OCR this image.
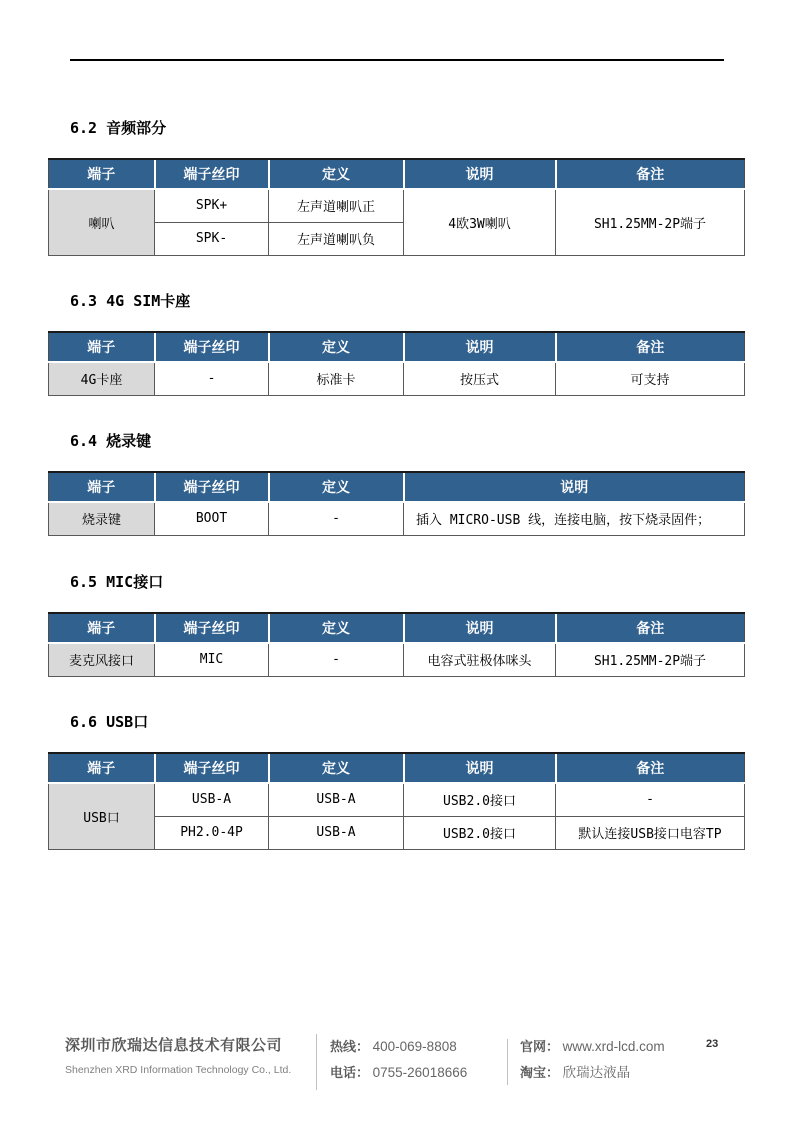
6.2 音频部分
端子	端子丝印	定义	说明	备注
喇叭	SPK+	左声道喇叭正	4欧3W喇叭	SH1.25MM-2P端子
	SPK-	左声道喇叭负		
6.3 4G SIM卡座
端子	端子丝印	定义	说明	备注
4G卡座	-	标准卡	按压式	可支持
6.4 烧录键
端子	端子丝印	定义	说明
烧录键	BOOT	-	插入 MICRO-USB 线，连接电脑，按下烧录固件；
6.5 MIC接口
端子	端子丝印	定义	说明	备注
麦克风接口	MIC	-	电容式驻极体咪头	SH1.25MM-2P端子
6.6 USB口
端子	端子丝印	定义	说明	备注
USB口	USB-A	USB-A	USB2.0接口	-
	PH2.0-4P	USB-A	USB2.0接口	默认连接USB接口电容TP
深圳市欣瑞达信息技术有限公司
Shenzhen XRD Information Technology Co., Ltd.
热线： 400-069-8808
电话： 0755-26018666
官网： www.xrd-lcd.com
淘宝： 欣瑞达液晶
23
